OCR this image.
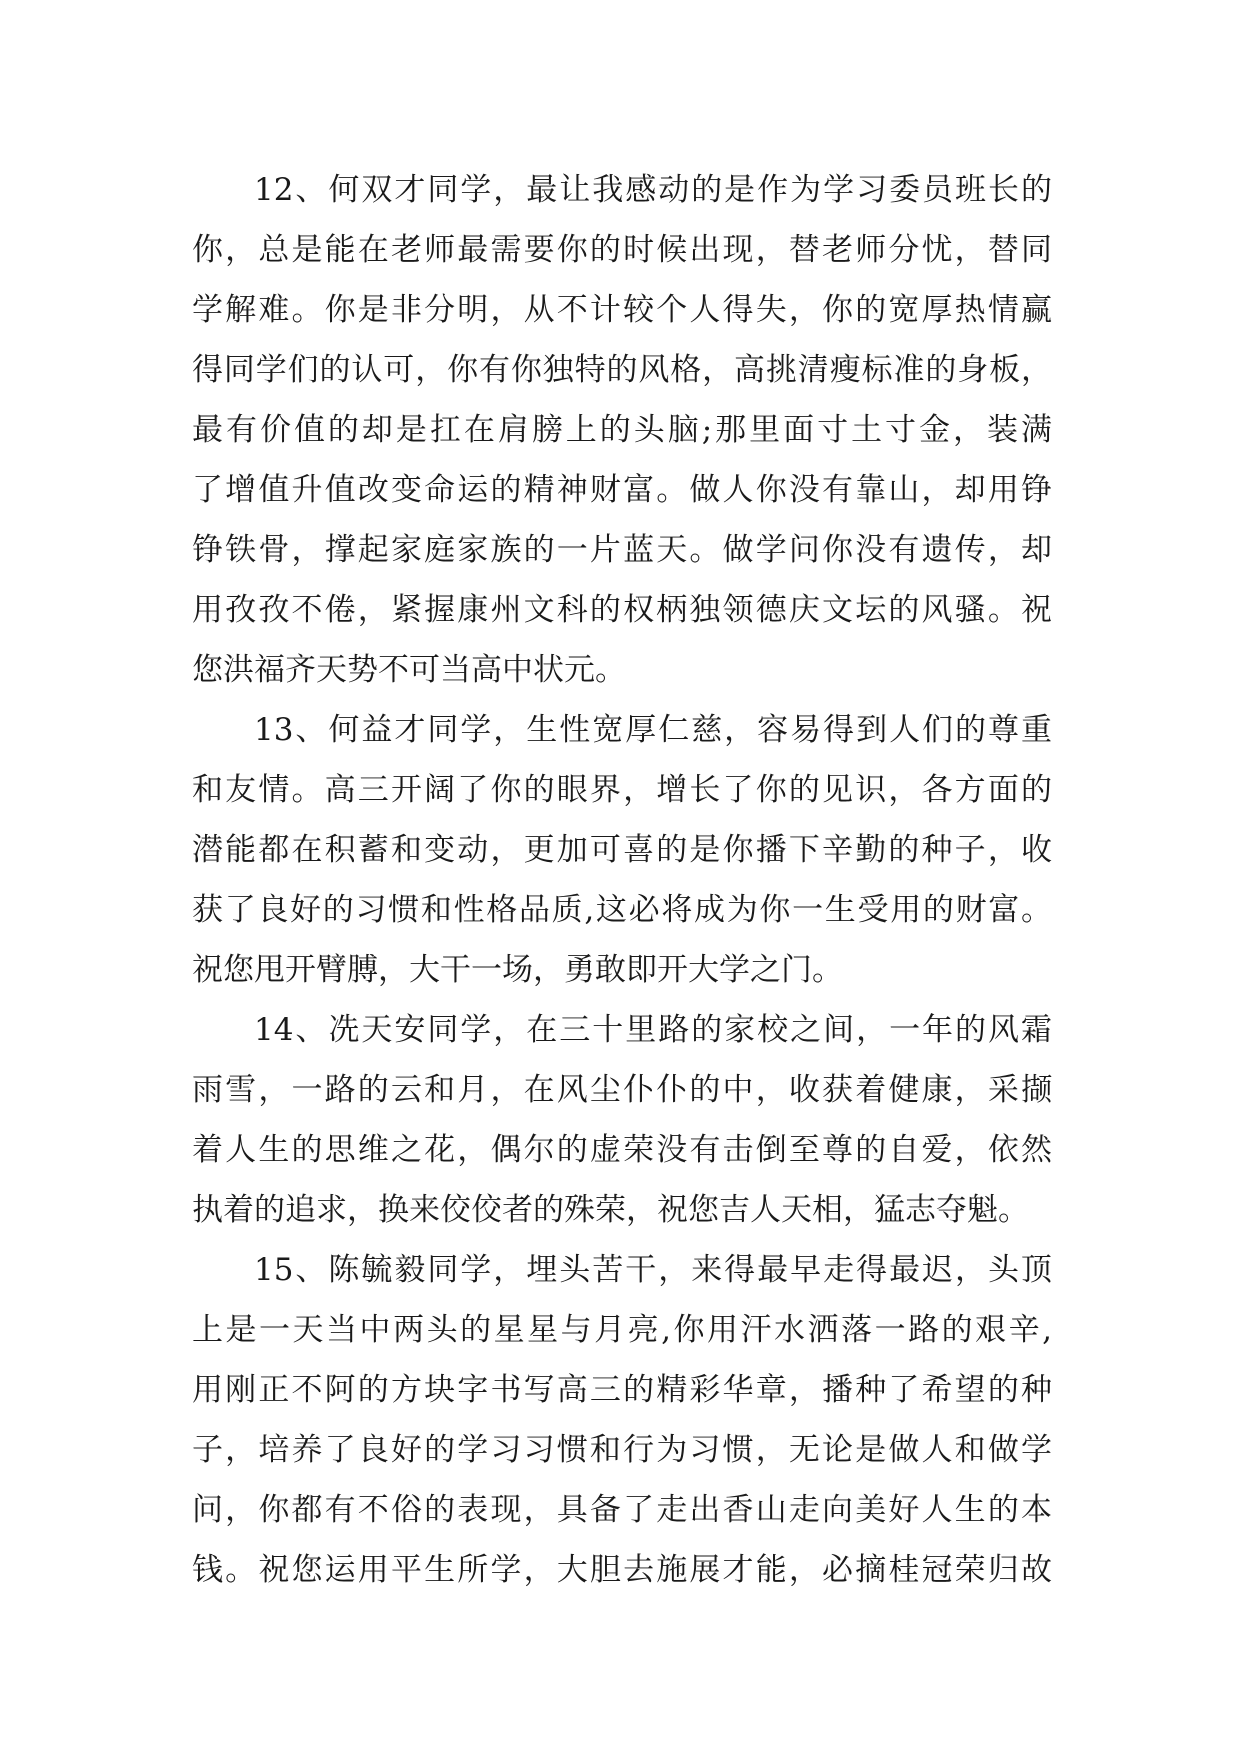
12、何双才同学，最让我感动的是作为学习委员班长的
你，总是能在老师最需要你的时候出现，替老师分忧，替同
学解难。你是非分明，从不计较个人得失，你的宽厚热情赢
得同学们的认可，你有你独特的风格，高挑清瘦标准的身板，
最有价值的却是扛在肩膀上的头脑;那里面寸土寸金，装满
了增值升值改变命运的精神财富。做人你没有靠山，却用铮
铮铁骨，撑起家庭家族的一片蓝天。做学问你没有遗传，却
用孜孜不倦，紧握康州文科的权柄独领德庆文坛的风骚。祝
您洪福齐天势不可当高中状元。
13、何益才同学，生性宽厚仁慈，容易得到人们的尊重
和友情。高三开阔了你的眼界，增长了你的见识，各方面的
潜能都在积蓄和变动，更加可喜的是你播下辛勤的种子，收
获了良好的习惯和性格品质,这必将成为你一生受用的财富。
祝您甩开臂膊，大干一场，勇敢即开大学之门。
14、冼天安同学，在三十里路的家校之间，一年的风霜
雨雪，一路的云和月，在风尘仆仆的中，收获着健康，采撷
着人生的思维之花，偶尔的虚荣没有击倒至尊的自爱，依然
执着的追求，换来佼佼者的殊荣，祝您吉人天相，猛志夺魁。
15、陈毓毅同学，埋头苦干，来得最早走得最迟，头顶
上是一天当中两头的星星与月亮,你用汗水洒落一路的艰辛,
用刚正不阿的方块字书写高三的精彩华章，播种了希望的种
子，培养了良好的学习习惯和行为习惯，无论是做人和做学
问，你都有不俗的表现，具备了走出香山走向美好人生的本
钱。祝您运用平生所学，大胆去施展才能，必摘桂冠荣归故
